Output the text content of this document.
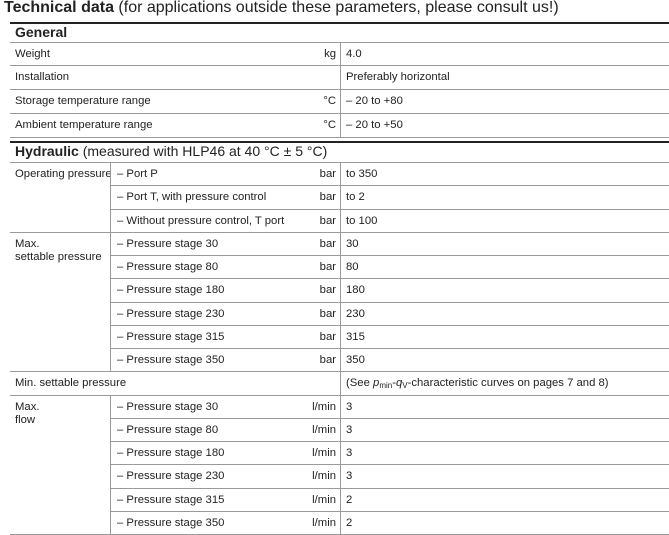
Technical data (for applications outside these parameters, please consult us!)
General
Weight	kg 4.0
Installation	Preferably horizontal
Storage temperature range	°C – 20 to +80
Ambient temperature range	°C – 20 to +50
Hydraulic (measured with HLP46 at 40 °C ± 5 °C)
Operating pressure – Port P	bar to 350
– Port T, with pressure control	bar to 2
– Without pressure control, T port	bar to 100
Max.
settable pressure
– Pressure stage 30	bar 30
– Pressure stage 80	bar 80
– Pressure stage 180	bar 180
– Pressure stage 230	bar 230
– Pressure stage 315	bar 315
– Pressure stage 350	bar 350
Min. settable pressure	(See $p_{min}-q_V$-characteristic curves on pages 7 and 8)
Max.
flow
– Pressure stage 30	l/min 3
– Pressure stage 80	l/min 3
– Pressure stage 180	l/min 3
– Pressure stage 230	l/min 3
– Pressure stage 315	l/min 2
– Pressure stage 350	l/min 2
